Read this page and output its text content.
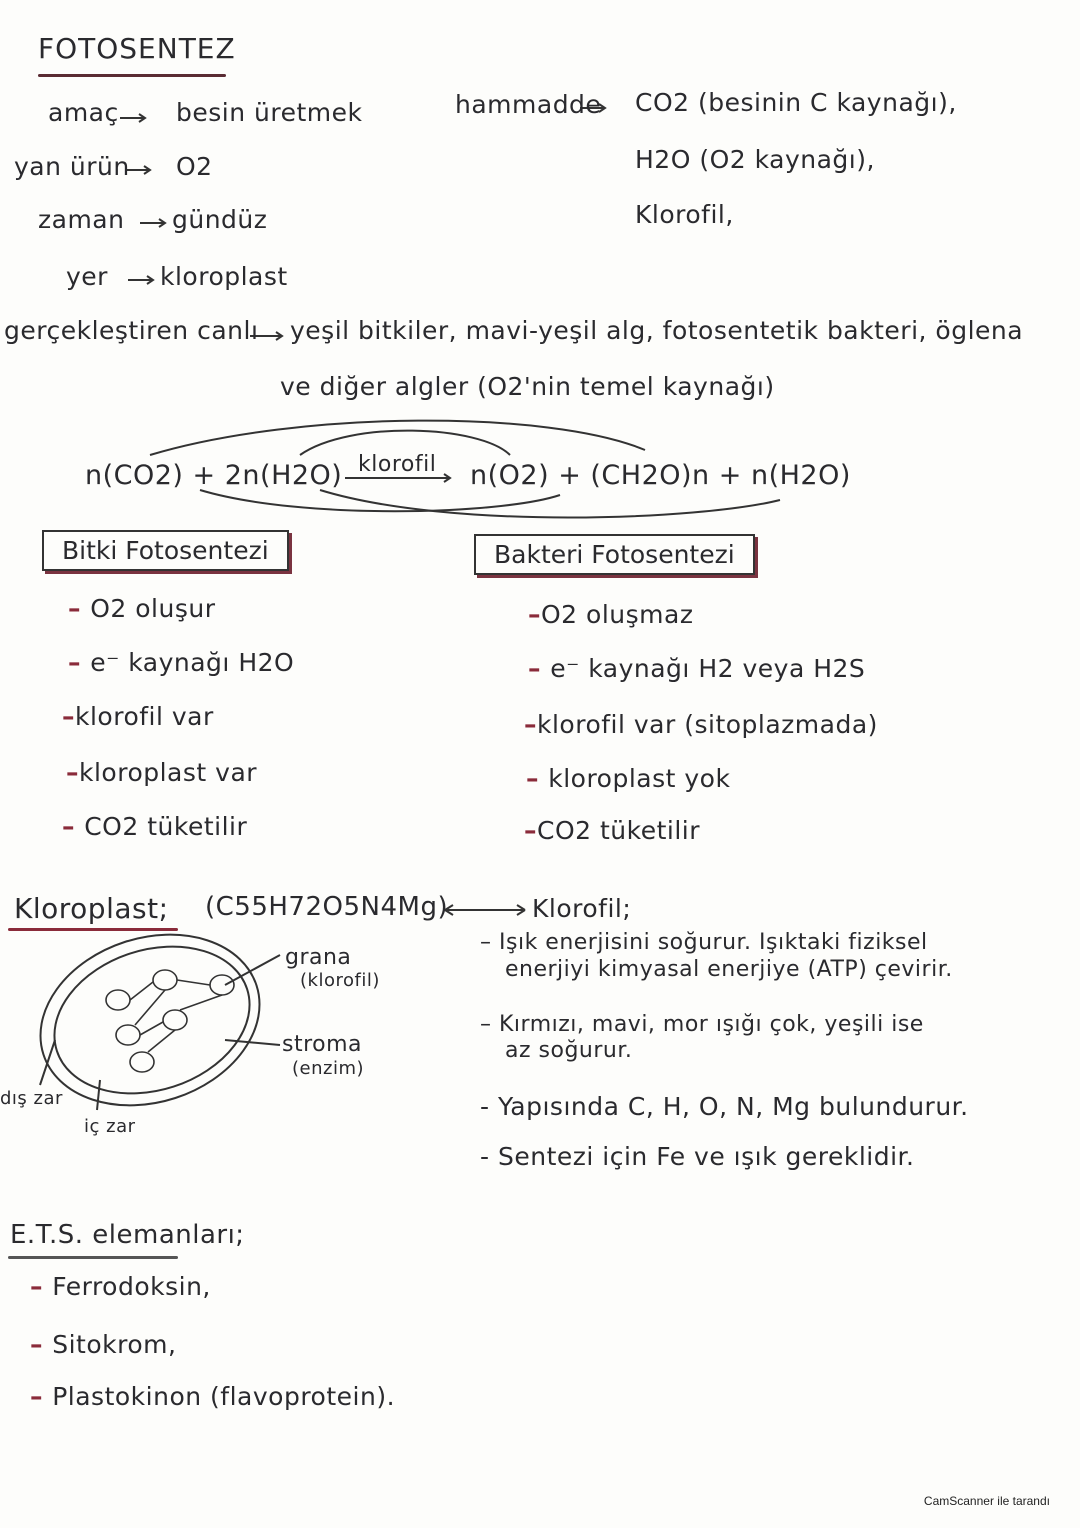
FOTOSENTEZ
amaç besin üretmek
yan ürün O2
zaman gündüz
yer kloroplast
hammadde CO2 (besinin C kaynağı),
H2O (O2 kaynağı),
Klorofil,
gerçekleştiren canlı yeşil bitkiler, mavi-yeşil alg, fotosentetik bakteri, öglena
ve diğer algler (O2'nin temel kaynağı)
n(CO2) + 2n(H2O) klorofil n(O2) + (CH2O)n + n(H2O)
Bitki Fotosentezi	Bakteri Fotosentezi
– O2 oluşur
– e⁻ kaynağı H2O
–klorofil var
–kloroplast var
– CO2 tüketilir
–O2 oluşmaz
– e⁻ kaynağı H2 veya H2S
–klorofil var (sitoplazmada)
– kloroplast yok
–CO2 tüketilir
Kloroplast; (C55H72O5N4Mg)
grana
(klorofil)
stroma
(enzim)
dış zar
iç zar
Klorofil;
– Işık enerjisini soğurur. Işıktaki fiziksel
enerjiyi kimyasal enerjiye (ATP) çevirir.
– Kırmızı, mavi, mor ışığı çok, yeşili ise
az soğurur.
- Yapısında C, H, O, N, Mg bulundurur.
- Sentezi için Fe ve ışık gereklidir.
E.T.S. elemanları;
– Ferrodoksin,
– Sitokrom,
– Plastokinon (flavoprotein).
CamScanner ile tarandı
